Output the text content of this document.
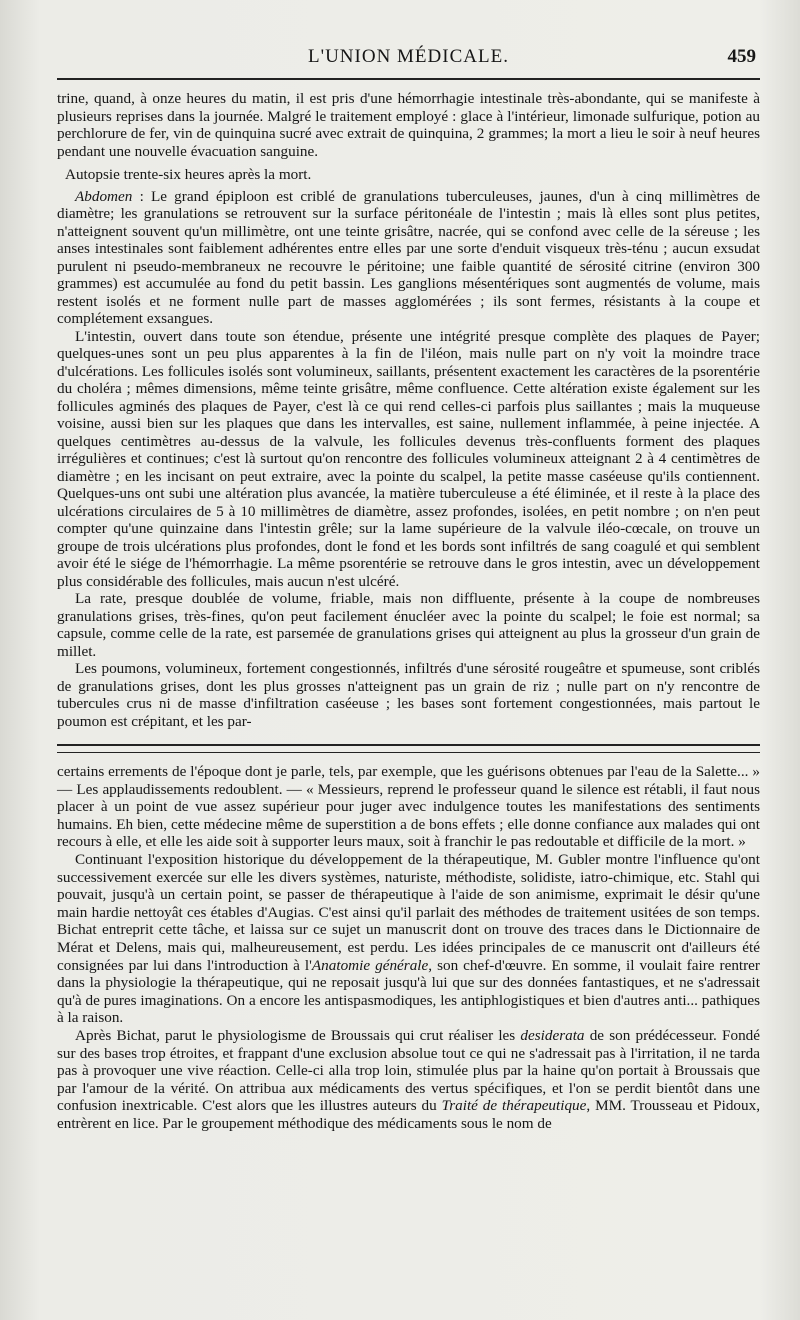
L'UNION MÉDICALE.	459

trine, quand, à onze heures du matin, il est pris d'une hémorrhagie intestinale très-abondante, qui se manifeste à plusieurs reprises dans la journée. Malgré le traitement employé : glace à l'intérieur, limonade sulfurique, potion au perchlorure de fer, vin de quinquina sucré avec extrait de quinquina, 2 grammes; la mort a lieu le soir à neuf heures pendant une nouvelle évacuation sanguine.

Autopsie trente-six heures après la mort.

Abdomen : Le grand épiploon est criblé de granulations tuberculeuses, jaunes, d'un à cinq millimètres de diamètre; les granulations se retrouvent sur la surface péritonéale de l'intestin ; mais là elles sont plus petites, n'atteignent souvent qu'un millimètre, ont une teinte grisâtre, nacrée, qui se confond avec celle de la séreuse ; les anses intestinales sont faiblement adhérentes entre elles par une sorte d'enduit visqueux très-ténu ; aucun exsudat purulent ni pseudo-membraneux ne recouvre le péritoine; une faible quantité de sérosité citrine (environ 300 grammes) est accumulée au fond du petit bassin. Les ganglions mésentériques sont augmentés de volume, mais restent isolés et ne forment nulle part de masses agglomérées ; ils sont fermes, résistants à la coupe et complétement exsangues.

L'intestin, ouvert dans toute son étendue, présente une intégrité presque complète des plaques de Payer; quelques-unes sont un peu plus apparentes à la fin de l'iléon, mais nulle part on n'y voit la moindre trace d'ulcérations. Les follicules isolés sont volumineux, saillants, présentent exactement les caractères de la psorentérie du choléra ; mêmes dimensions, même teinte grisâtre, même confluence. Cette altération existe également sur les follicules agminés des plaques de Payer, c'est là ce qui rend celles-ci parfois plus saillantes ; mais la muqueuse voisine, aussi bien sur les plaques que dans les intervalles, est saine, nullement inflammée, à peine injectée. A quelques centimètres au-dessus de la valvule, les follicules devenus très-confluents forment des plaques irrégulières et continues; c'est là surtout qu'on rencontre des follicules volumineux atteignant 2 à 4 centimètres de diamètre ; en les incisant on peut extraire, avec la pointe du scalpel, la petite masse caséeuse qu'ils contiennent. Quelques-uns ont subi une altération plus avancée, la matière tuberculeuse a été éliminée, et il reste à la place des ulcérations circulaires de 5 à 10 millimètres de diamètre, assez profondes, isolées, en petit nombre ; on n'en peut compter qu'une quinzaine dans l'intestin grêle; sur la lame supérieure de la valvule iléo-cœcale, on trouve un groupe de trois ulcérations plus profondes, dont le fond et les bords sont infiltrés de sang coagulé et qui semblent avoir été le siége de l'hémorrhagie. La même psorentérie se retrouve dans le gros intestin, avec un développement plus considérable des follicules, mais aucun n'est ulcéré.

La rate, presque doublée de volume, friable, mais non diffluente, présente à la coupe de nombreuses granulations grises, très-fines, qu'on peut facilement énucléer avec la pointe du scalpel; le foie est normal; sa capsule, comme celle de la rate, est parsemée de granulations grises qui atteignent au plus la grosseur d'un grain de millet.

Les poumons, volumineux, fortement congestionnés, infiltrés d'une sérosité rougeâtre et spumeuse, sont criblés de granulations grises, dont les plus grosses n'atteignent pas un grain de riz ; nulle part on n'y rencontre de tubercules crus ni de masse d'infiltration caséeuse ; les bases sont fortement congestionnées, mais partout le poumon est crépitant, et les par-

certains errements de l'époque dont je parle, tels, par exemple, que les guérisons obtenues par l'eau de la Salette... » — Les applaudissements redoublent. — « Messieurs, reprend le professeur quand le silence est rétabli, il faut nous placer à un point de vue assez supérieur pour juger avec indulgence toutes les manifestations des sentiments humains. Eh bien, cette médecine même de superstition a de bons effets ; elle donne confiance aux malades qui ont recours à elle, et elle les aide soit à supporter leurs maux, soit à franchir le pas redoutable et difficile de la mort. »

Continuant l'exposition historique du développement de la thérapeutique, M. Gubler montre l'influence qu'ont successivement exercée sur elle les divers systèmes, naturiste, méthodiste, solidiste, iatro-chimique, etc. Stahl qui pouvait, jusqu'à un certain point, se passer de thérapeutique à l'aide de son animisme, exprimait le désir qu'une main hardie nettoyât ces étables d'Augias. C'est ainsi qu'il parlait des méthodes de traitement usitées de son temps. Bichat entreprit cette tâche, et laissa sur ce sujet un manuscrit dont on trouve des traces dans le Dictionnaire de Mérat et Delens, mais qui, malheureusement, est perdu. Les idées principales de ce manuscrit ont d'ailleurs été consignées par lui dans l'introduction à l'Anatomie générale, son chef-d'œuvre. En somme, il voulait faire rentrer dans la physiologie la thérapeutique, qui ne reposait jusqu'à lui que sur des données fantastiques, et ne s'adressait qu'à de pures imaginations. On a encore les antispasmodiques, les antiphlogistiques et bien d'autres anti... pathiques à la raison.

Après Bichat, parut le physiologisme de Broussais qui crut réaliser les desiderata de son prédécesseur. Fondé sur des bases trop étroites, et frappant d'une exclusion absolue tout ce qui ne s'adressait pas à l'irritation, il ne tarda pas à provoquer une vive réaction. Celle-ci alla trop loin, stimulée plus par la haine qu'on portait à Broussais que par l'amour de la vérité. On attribua aux médicaments des vertus spécifiques, et l'on se perdit bientôt dans une confusion inextricable. C'est alors que les illustres auteurs du Traité de thérapeutique, MM. Trousseau et Pidoux, entrèrent en lice. Par le groupement méthodique des médicaments sous le nom de
